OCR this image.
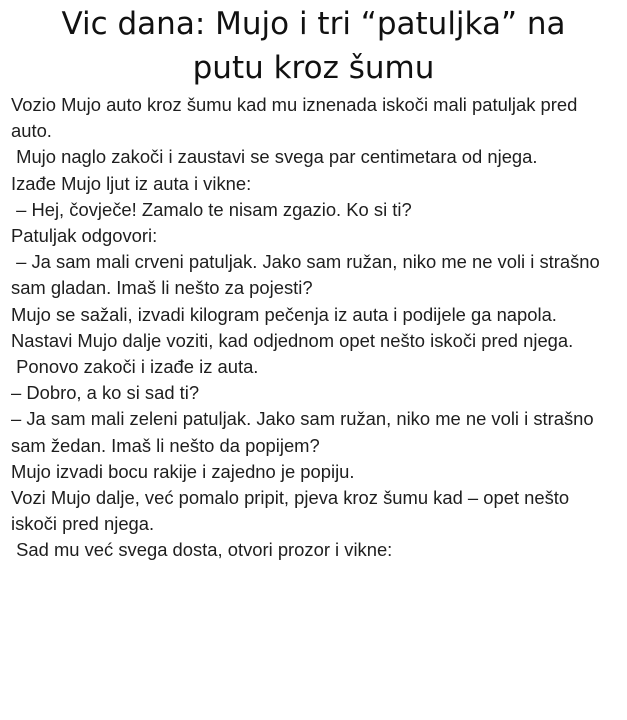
Vic dana: Mujo i tri “patuljka” na putu kroz šumu

Vozio Mujo auto kroz šumu kad mu iznenada iskoči mali patuljak pred auto.

Mujo naglo zakoči i zaustavi se svega par centimetara od njega.

Izađe Mujo ljut iz auta i vikne:

– Hej, čovječe! Zamalo te nisam zgazio. Ko si ti?

Patuljak odgovori:

– Ja sam mali crveni patuljak. Jako sam ružan, niko me ne voli i strašno sam gladan. Imaš li nešto za pojesti?

Mujo se sažali, izvadi kilogram pečenja iz auta i podijele ga napola.

Nastavi Mujo dalje voziti, kad odjednom opet nešto iskoči pred njega.

Ponovo zakoči i izađe iz auta.

– Dobro, a ko si sad ti?

– Ja sam mali zeleni patuljak. Jako sam ružan, niko me ne voli i strašno sam žedan. Imaš li nešto da popijem?

Mujo izvadi bocu rakije i zajedno je popiju.

Vozi Mujo dalje, već pomalo pripit, pjeva kroz šumu kad – opet nešto iskoči pred njega.

Sad mu već svega dosta, otvori prozor i vikne:
